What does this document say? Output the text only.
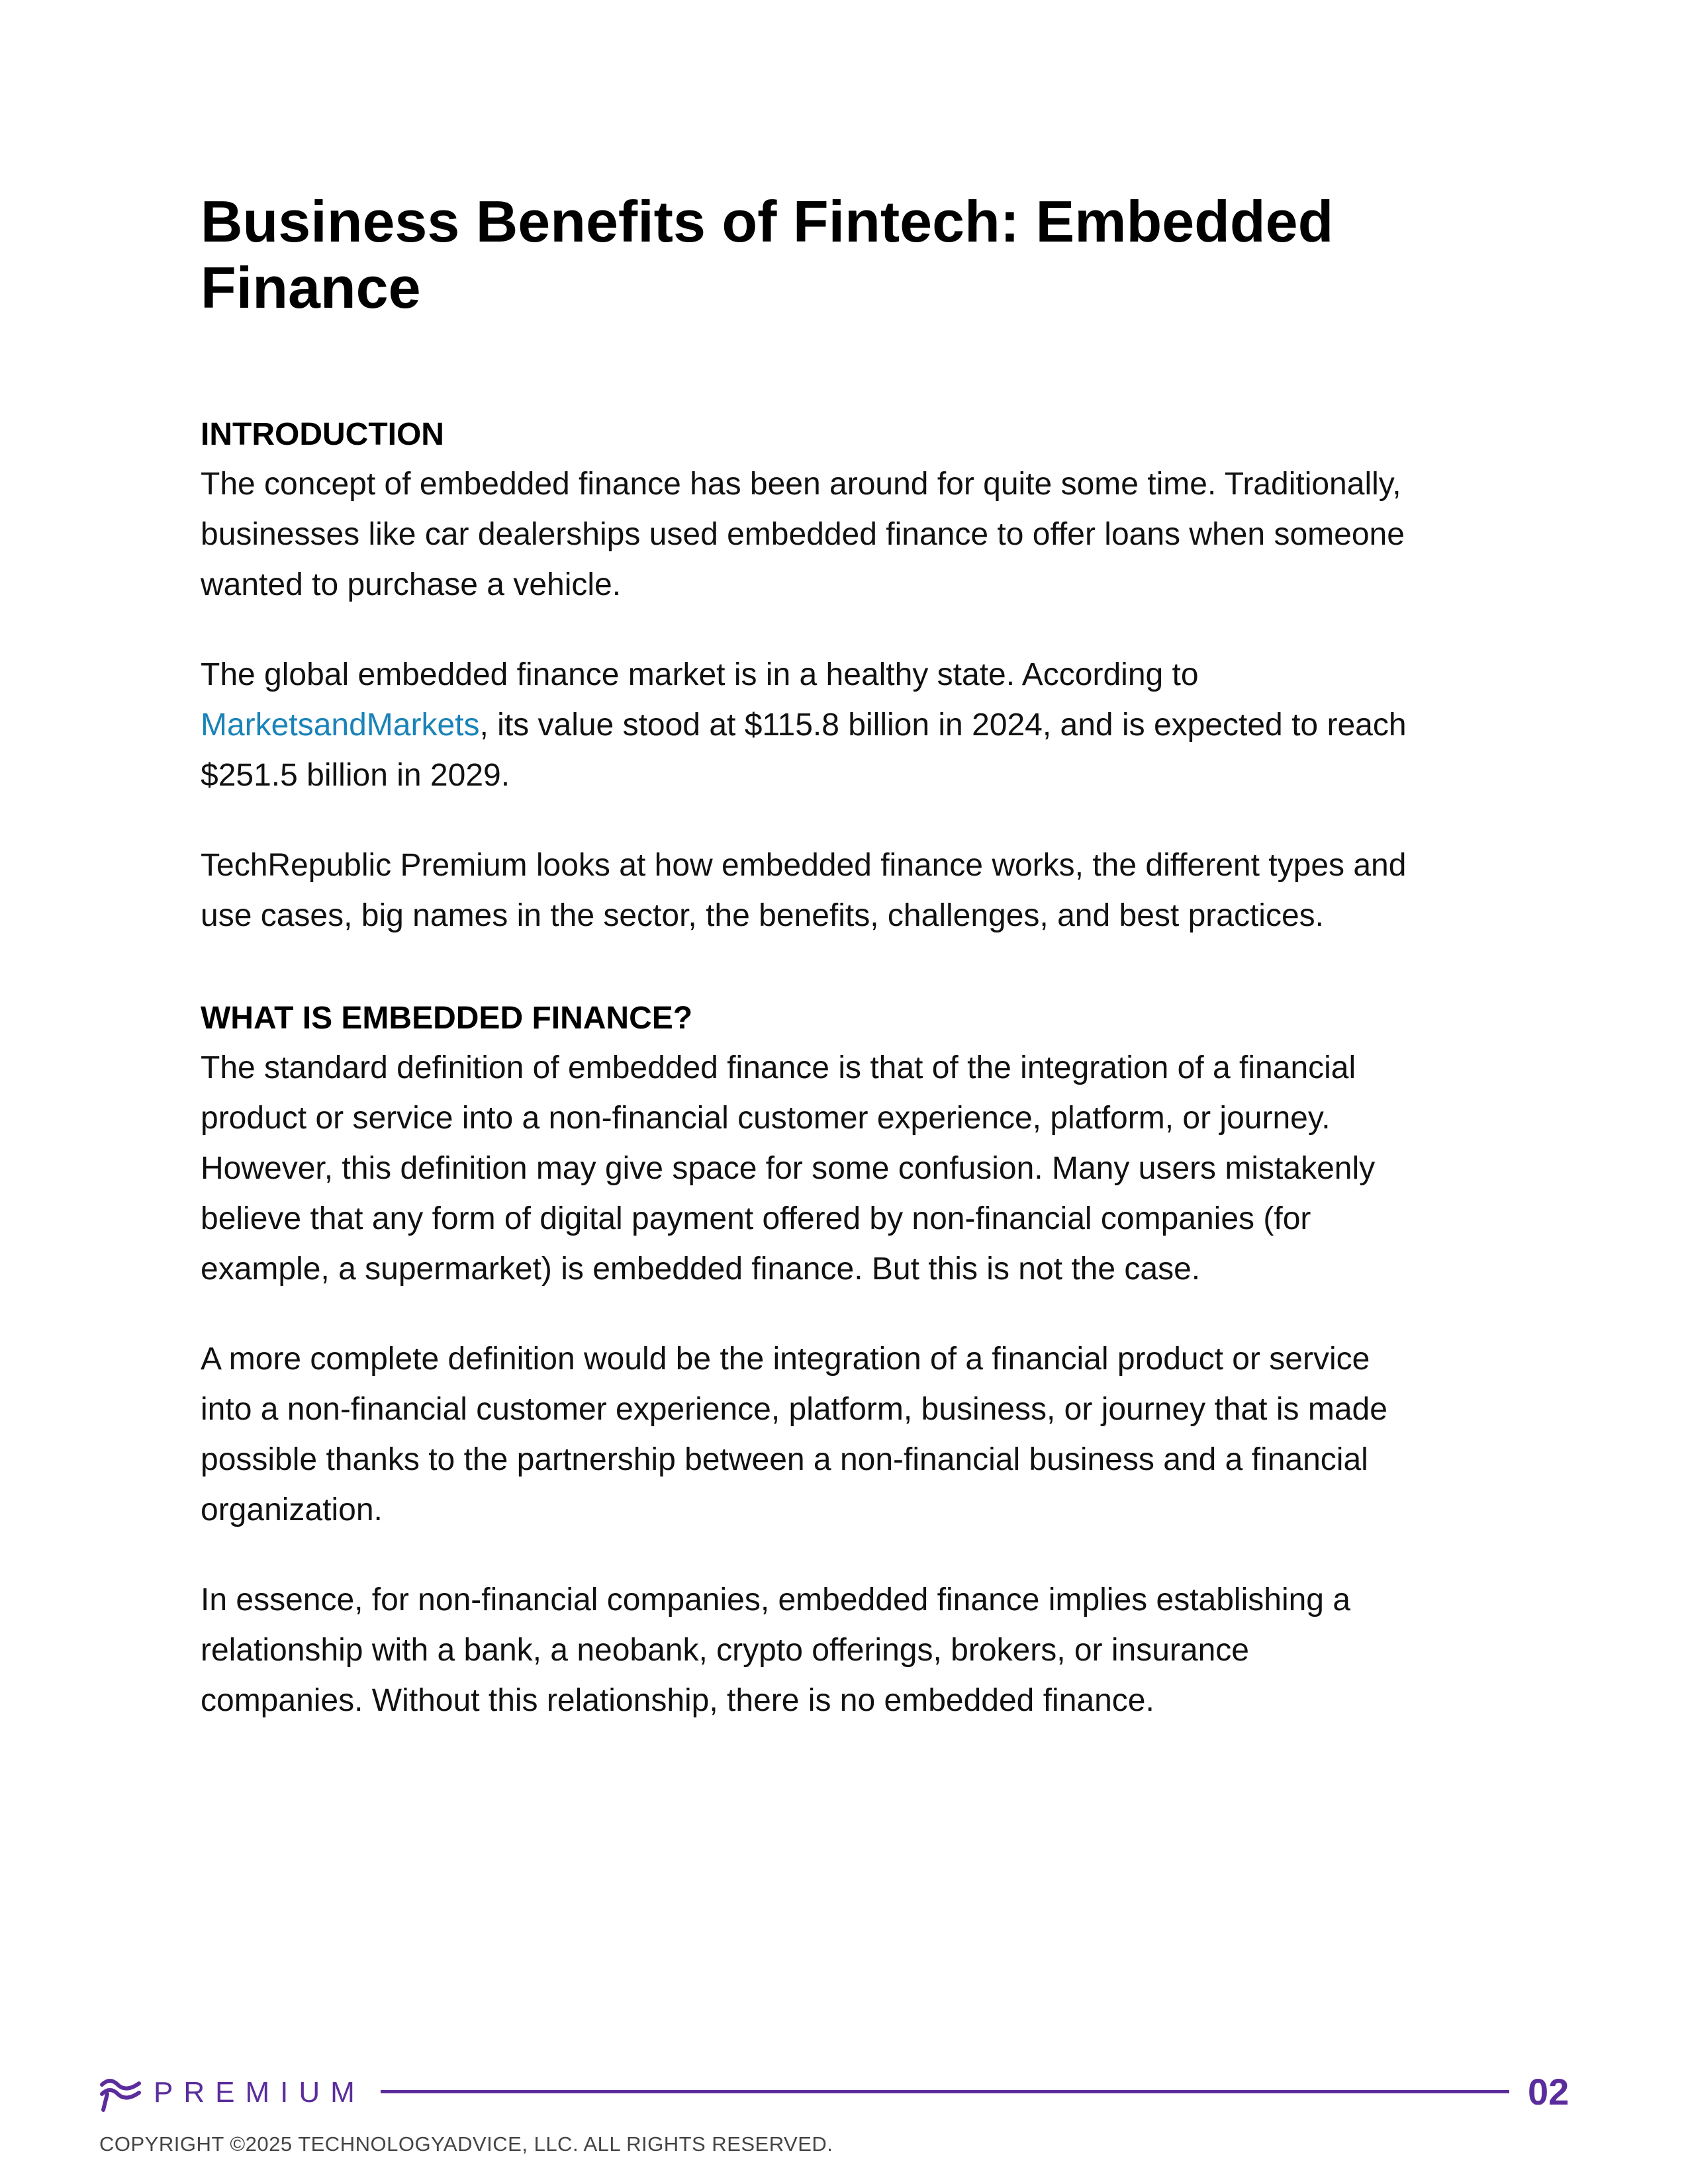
Business Benefits of Fintech: Embedded Finance
INTRODUCTION

The concept of embedded finance has been around for quite some time. Traditionally, businesses like car dealerships used embedded finance to offer loans when someone wanted to purchase a vehicle.

The global embedded finance market is in a healthy state. According to MarketsandMarkets, its value stood at $115.8 billion in 2024, and is expected to reach $251.5 billion in 2029.

TechRepublic Premium looks at how embedded finance works, the different types and use cases, big names in the sector, the benefits, challenges, and best practices.

WHAT IS EMBEDDED FINANCE?

The standard definition of embedded finance is that of the integration of a financial product or service into a non-financial customer experience, platform, or journey. However, this definition may give space for some confusion. Many users mistakenly believe that any form of digital payment offered by non-financial companies (for example, a supermarket) is embedded finance. But this is not the case.

A more complete definition would be the integration of a financial product or service into a non-financial customer experience, platform, business, or journey that is made possible thanks to the partnership between a non-financial business and a financial organization.

In essence, for non-financial companies, embedded finance implies establishing a relationship with a bank, a neobank, crypto offerings, brokers, or insurance companies. Without this relationship, there is no embedded finance.

PREMIUM	02
COPYRIGHT ©2025 TECHNOLOGYADVICE, LLC. ALL RIGHTS RESERVED.
